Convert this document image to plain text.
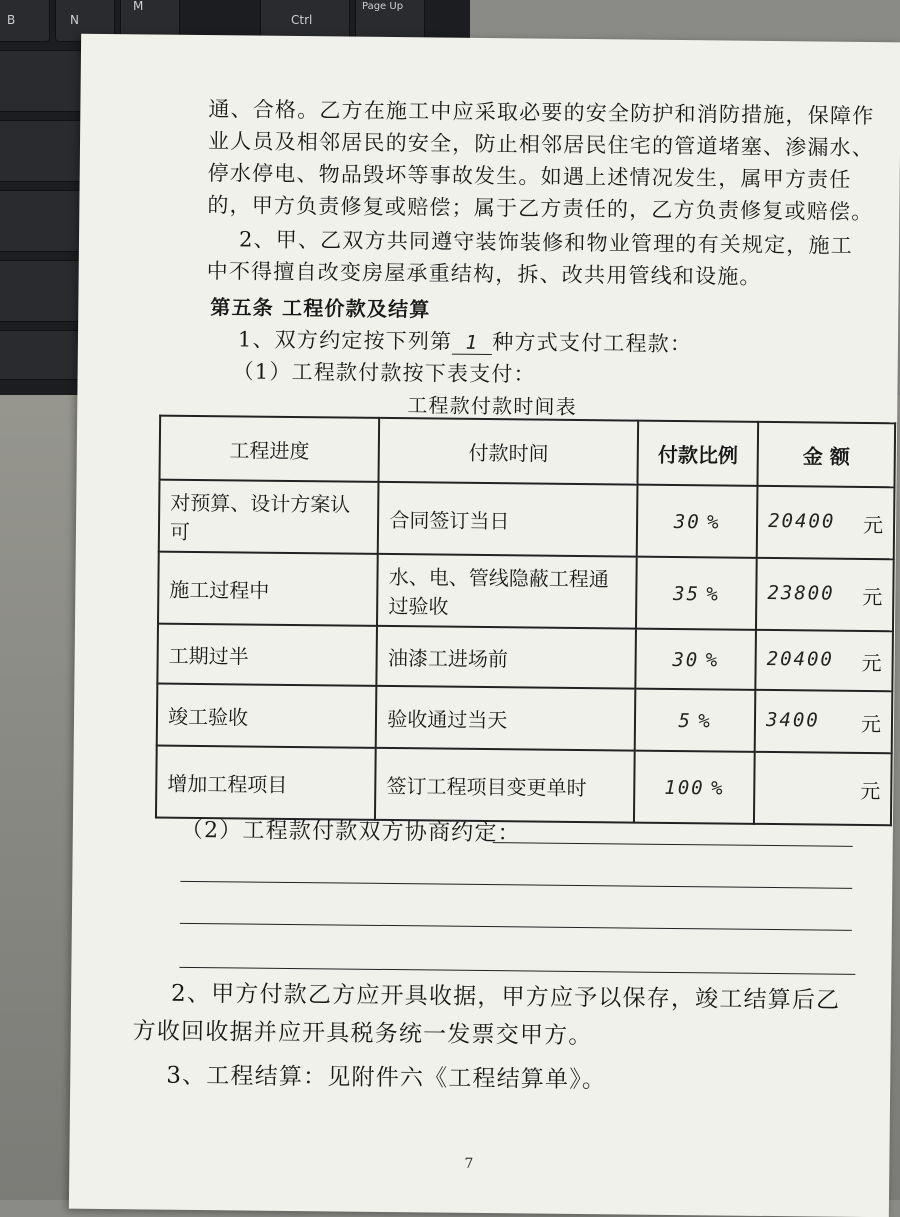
B	N
M
Ctrl
Page Up
通、合格。乙方在施工中应采取必要的安全防护和消防措施，保障作
业人员及相邻居民的安全，防止相邻居民住宅的管道堵塞、渗漏水、
停水停电、物品毁坏等事故发生。如遇上述情况发生，属甲方责任
的，甲方负责修复或赔偿；属于乙方责任的，乙方负责修复或赔偿。
2、甲、乙双方共同遵守装饰装修和物业管理的有关规定，施工
中不得擅自改变房屋承重结构，拆、改共用管线和设施。
第五条 工程价款及结算
1、双方约定按下列第 1 种方式支付工程款：
（1）工程款付款按下表支付：
工程款付款时间表
工程进度	付款时间	付款比例	金 额
对预算、设计方案认可	合同签订当日	30 %	20400 元

施工过程中	水、电、管线隐蔽工程通过验收	35 %	23800 元

工期过半	油漆工进场前	30 %	20400 元

竣工验收	验收通过当天	5 %	3400 元

增加工程项目	签订工程项目变更单时	100 %	元
（2）工程款付款双方协商约定：
2、甲方付款乙方应开具收据，甲方应予以保存，竣工结算后乙
方收回收据并应开具税务统一发票交甲方。
3、工程结算：见附件六《工程结算单》。
7
